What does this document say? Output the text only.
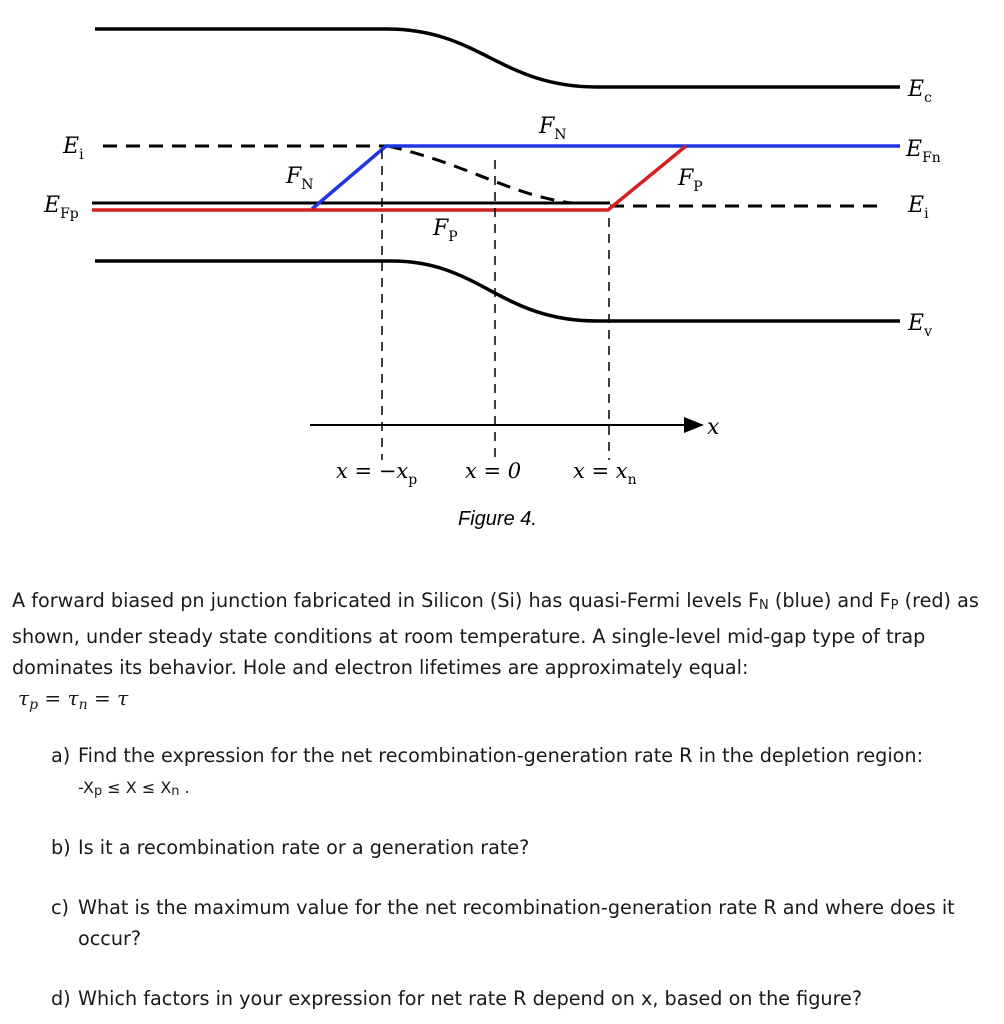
x
$E_c$
$E_{Fn}$
$E_i$
$E_v$
$E_i$
$E_{Fp}$
$F_N$
$F_N$	$F_P$
$F_P$
$x = -x_p$ x = 0 $x = x_n$
Figure 4.

A forward biased pn junction fabricated in Silicon (Si) has quasi-Fermi levels FN (blue) and FP (red) as shown, under steady state conditions at room temperature. A single-level mid-gap type of trap dominates its behavior. Hole and electron lifetimes are approximately equal:

$\tau_p = \tau_n = \tau$
a) Find the expression for the net recombination-generation rate R in the depletion region:
-Xp ≤ X ≤ Xn .
b) Is it a recombination rate or a generation rate?
c) What is the maximum value for the net recombination-generation rate R and where does it occur?
d) Which factors in your expression for net rate R depend on x, based on the figure?
